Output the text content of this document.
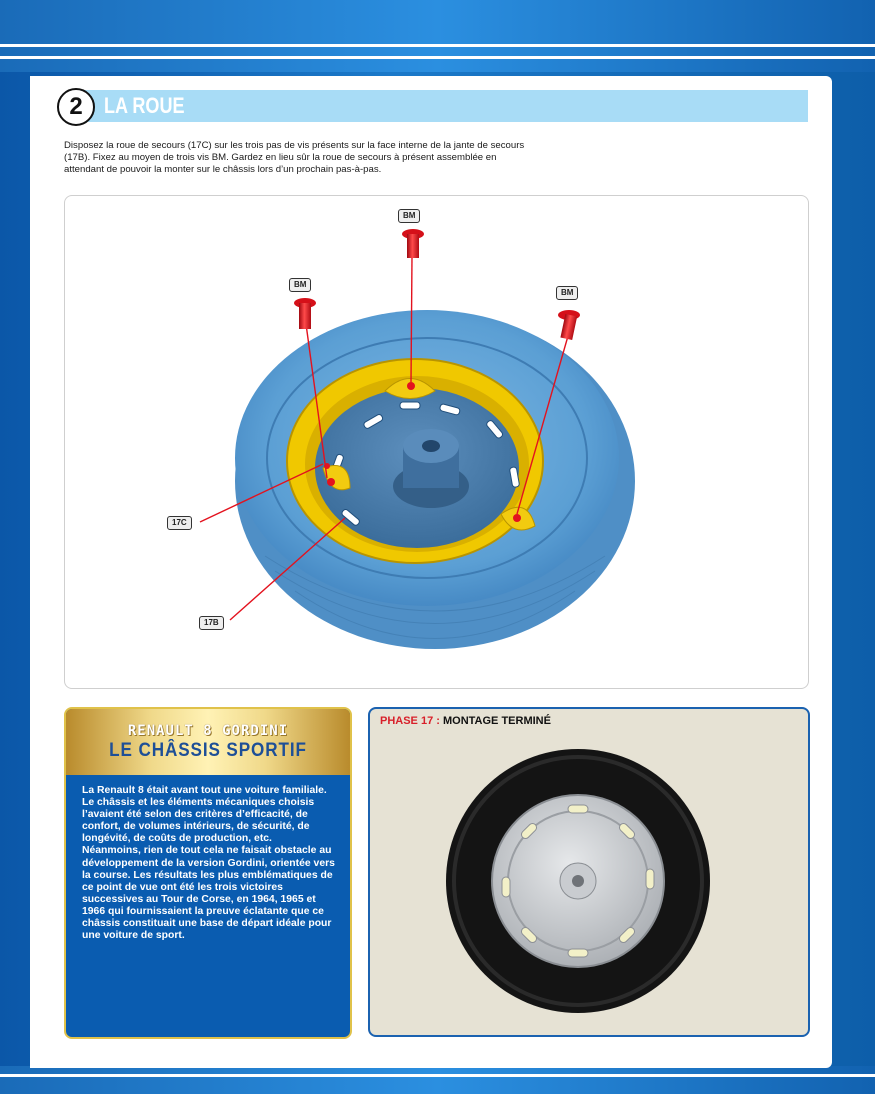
2 LA ROUE
Disposez la roue de secours (17C) sur les trois pas de vis présents sur la face interne de la jante de secours (17B). Fixez au moyen de trois vis BM. Gardez en lieu sûr la roue de secours à présent assemblée en attendant de pouvoir la monter sur le châssis lors d’un prochain pas-à-pas.
BM
BM
BM
17C
17B
RENAULT 8 GORDINI
LE CHÂSSIS SPORTIF

La Renault 8 était avant tout une voiture familiale. Le châssis et les éléments mécaniques choisis l’avaient été selon des critères d’efficacité, de confort, de volumes intérieurs, de sécurité, de longévité, de coûts de production, etc.

Néanmoins, rien de tout cela ne faisait obstacle au développement de la version Gordini, orientée vers la course. Les résultats les plus emblématiques de ce point de vue ont été les trois victoires successives au Tour de Corse, en 1964, 1965 et 1966 qui fournissaient la preuve éclatante que ce châssis constituait une base de départ idéale pour une voiture de sport.

PHASE 17 : MONTAGE TERMINÉ
